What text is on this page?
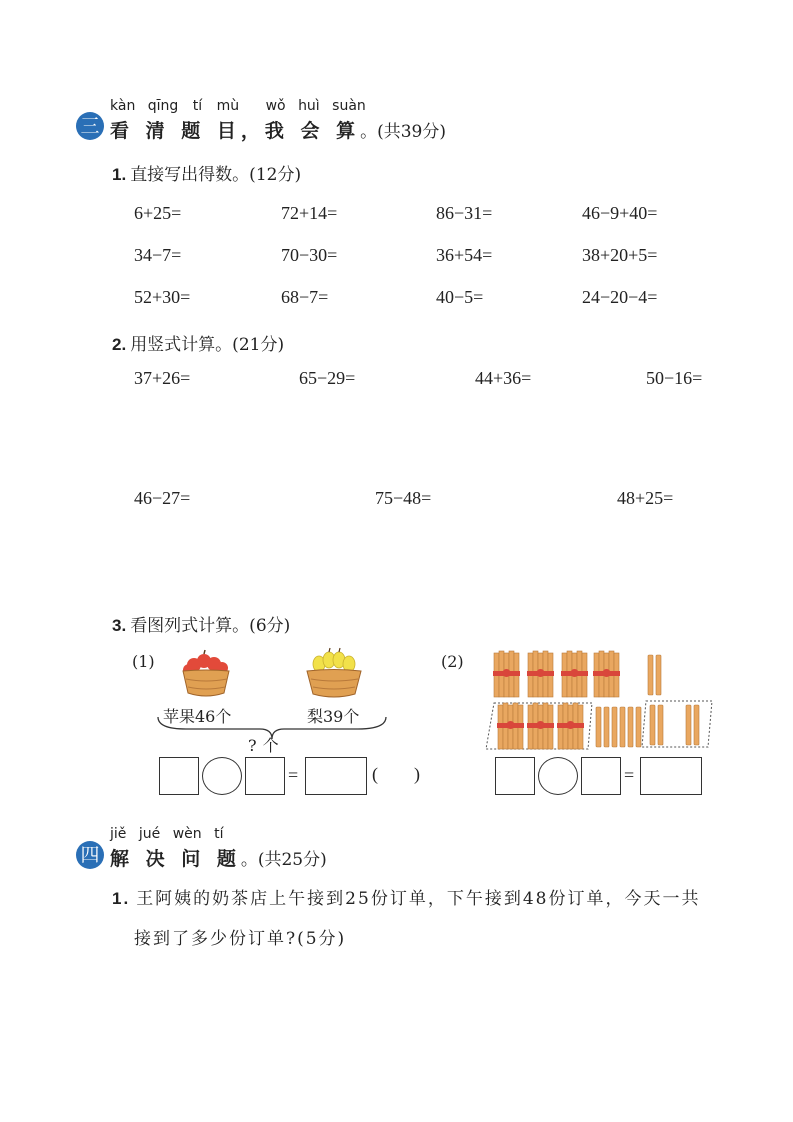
kàn qīng tí mù wǒ huì suàn
三 看 清 题 目，我 会 算。(共39分)
1. 直接写出得数。(12分)
6+25=	72+14=	86−31=	46−9+40=
34−7=	70−30=	36+54=	38+20+5=
52+30=	68−7=	40−5=	24−20−4=
2. 用竖式计算。(21分)
37+26=	65−29=	44+36=	50−16=
46−27=	75−48=	48+25=
3. 看图列式计算。(6分)
(1)
苹果46个	梨39个
?个
=	(        )
(2)
=
jiě jué wèn tí
四 解 决 问 题。(共25分)
1. 王阿姨的奶茶店上午接到25份订单，下午接到48份订单，今天一共
接到了多少份订单?(5分)
